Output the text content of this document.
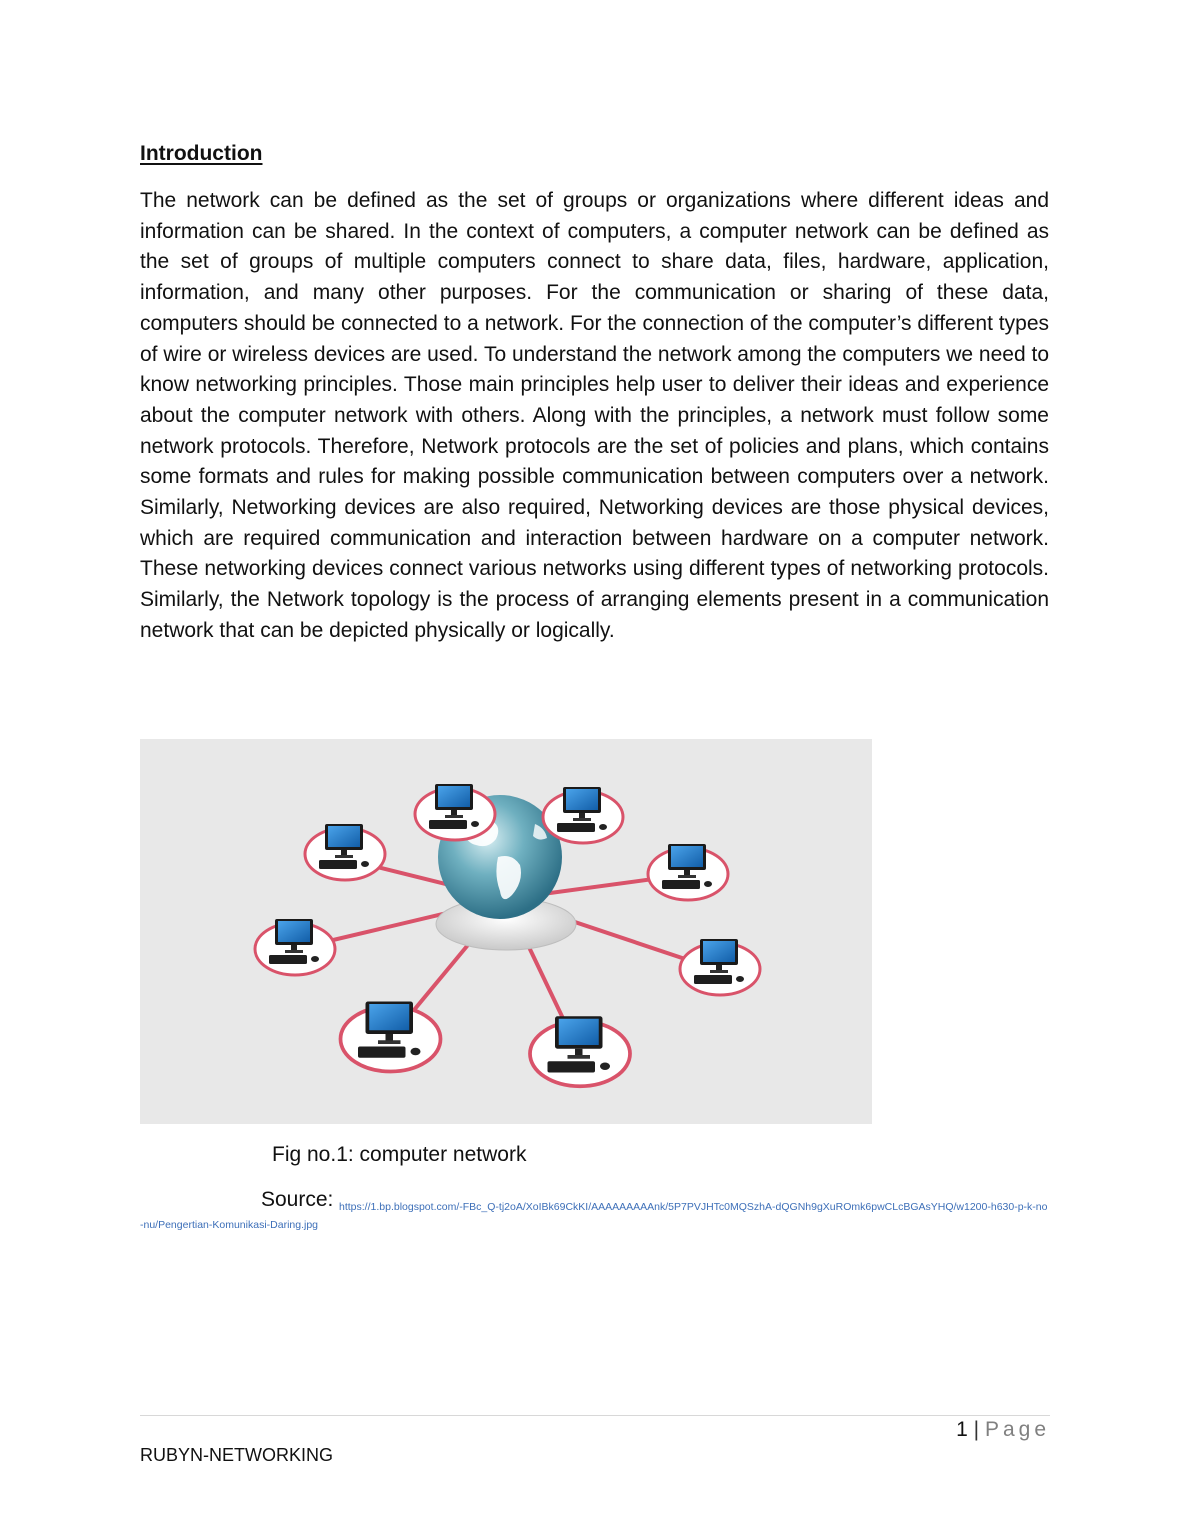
Introduction

The network can be defined as the set of groups or organizations where different ideas and information can be shared. In the context of computers, a computer network can be defined as the set of groups of multiple computers connect to share data, files, hardware, application, information, and many other purposes. For the communication or sharing of these data, computers should be connected to a network. For the connection of the computer’s different types of wire or wireless devices are used. To understand the network among the computers we need to know networking principles. Those main principles help user to deliver their ideas and experience about the computer network with others. Along with the principles, a network must follow some network protocols. Therefore, Network protocols are the set of policies and plans, which contains some formats and rules for making possible communication between computers over a network. Similarly, Networking devices are also required, Networking devices are those physical devices, which are required communication and interaction between hardware on a computer network. These networking devices connect various networks using different types of networking protocols. Similarly, the Network topology is the process of arranging elements present in a communication network that can be depicted physically or logically.

Fig no.1: computer network
Source: https://1.bp.blogspot.com/-FBc_Q-tj2oA/XoIBk69CkKI/AAAAAAAAAnk/5P7PVJHTc0MQSzhA-dQGNh9gXuROmk6pwCLcBGAsYHQ/w1200-h630-p-k-no-nu/Pengertian-Komunikasi-Daring.jpg
1 | Page
RUBYN-NETWORKING
